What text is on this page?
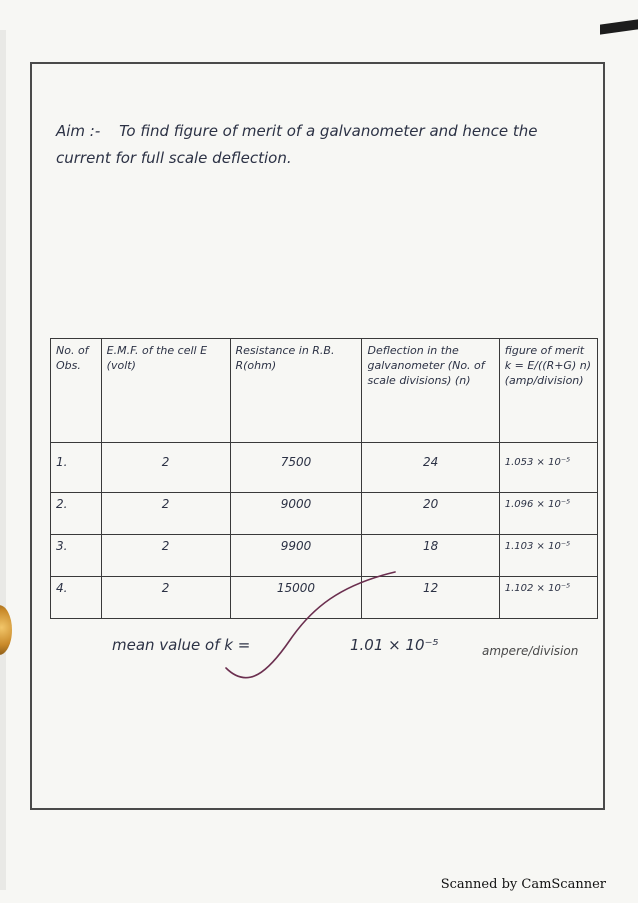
Aim :- To find figure of merit of a galvanometer and hence the current for full scale deflection.
No. of Obs.	E.M.F. of the cell E (volt)	Resistance in R.B. R(ohm)	Deflection in the galvanometer (No. of scale divisions) (n)	figure of merit k = E/((R+G) n) (amp/division)
1.	2	7500	24	1.053 × 10⁻⁵
2.	2	9000	20	1.096 × 10⁻⁵
3.	2	9900	18	1.103 × 10⁻⁵
4.	2	15000	12	1.102 × 10⁻⁵
mean value of k =	1.01 × 10⁻⁵	ampere/division
Scanned by CamScanner
